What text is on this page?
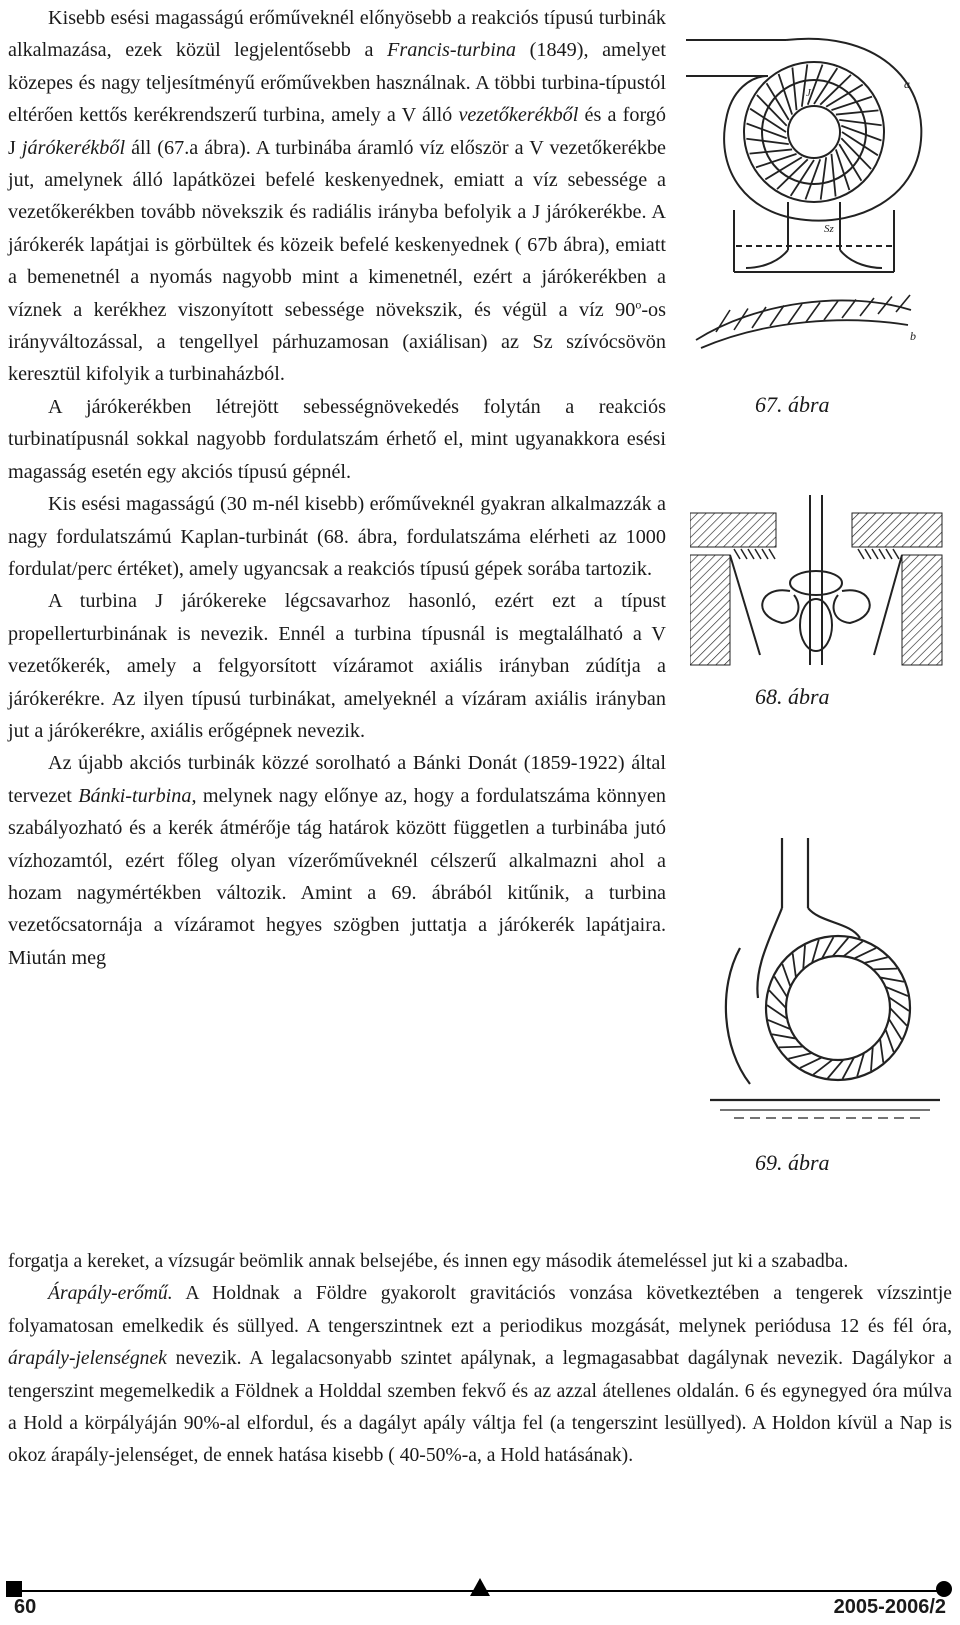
Kisebb esési magasságú erőműveknél előnyösebb a reakciós típusú turbinák alkalmazása, ezek közül legjelentősebb a Francis-turbina (1849), amelyet közepes és nagy teljesítményű erőművekben használnak. A többi turbina-típustól eltérően kettős kerékrendszerű turbina, amely a V álló vezetőkerékből és a forgó J járókerékből áll (67.a ábra). A turbinába áramló víz először a V vezetőkerékbe jut, amelynek álló lapátközei befelé keskenyednek, emiatt a víz sebessége a vezetőkerékben tovább növekszik és radiális irányba befolyik a J járókerékbe. A járókerék lapátjai is görbültek és közeik befelé keskenyednek ( 67b ábra), emiatt a bemenetnél a nyomás nagyobb mint a kimenetnél, ezért a járókerékben a víznek a kerékhez viszonyított sebessége növekszik, és végül a víz 90$^o$-os irányváltozással, a tengellyel párhuzamosan (axiálisan) az Sz szívócsövön keresztül kifolyik a turbinaházból.

A járókerékben létrejött sebességnövekedés folytán a reakciós turbinatípusnál sokkal nagyobb fordulatszám érhető el, mint ugyanakkora esési magasság esetén egy akciós típusú gépnél.

Kis esési magasságú (30 m-nél kisebb) erőműveknél gyakran alkalmazzák a nagy fordulatszámú Kaplan-turbinát (68. ábra, fordulatszáma elérheti az 1000 fordulat/perc értéket), amely ugyancsak a reakciós típusú gépek sorába tartozik.

A turbina J járókereke légcsavarhoz hasonló, ezért ezt a típust propellerturbinának is nevezik. Ennél a turbina típusnál is megtalálható a V vezetőkerék, amely a felgyorsított vízáramot axiális irányban zúdítja a járókerékre. Az ilyen típusú turbinákat, amelyeknél a vízáram axiális irányban jut a járókerékre, axiális erőgépnek nevezik.

Az újabb akciós turbinák közzé sorolható a Bánki Donát (1859-1922) által tervezet Bánki-turbina, melynek nagy előnye az, hogy a fordulatszáma könnyen szabályozható és a kerék átmérője tág határok között független a turbinába jutó vízhozamtól, ezért főleg olyan vízerőműveknél célszerű alkalmazni ahol a hozam nagymértékben változik. Amint a 69. ábrából kitűnik, a turbina vezetőcsatornája a vízáramot hegyes szögben juttatja a járókerék lapátjaira. Miután meg

forgatja a kereket, a vízsugár beömlik annak belsejébe, és innen egy második átemeléssel jut ki a szabadba.

Árapály-erőmű. A Holdnak a Földre gyakorolt gravitációs vonzása következtében a tengerek vízszintje folyamatosan emelkedik és süllyed. A tengerszintnek ezt a periodikus mozgását, melynek periódusa 12 és fél óra, árapály-jelenségnek nevezik. A legalacsonyabb szintet apálynak, a legmagasabbat dagálynak nevezik. Dagálykor a tengerszint megemelkedik a Földnek a Holddal szemben fekvő és az azzal átellenes oldalán. 6 és egynegyed óra múlva a Hold a körpályáján 90%-al elfordul, és a dagályt apály váltja fel (a tengerszint lesüllyed). A Holdon kívül a Nap is okoz árapály-jelenséget, de ennek hatása kisebb ( 40-50%-a, a Hold hatásának).

Sz
a
J
b
67. ábra
68. ábra
69. ábra
60	2005-2006/2
